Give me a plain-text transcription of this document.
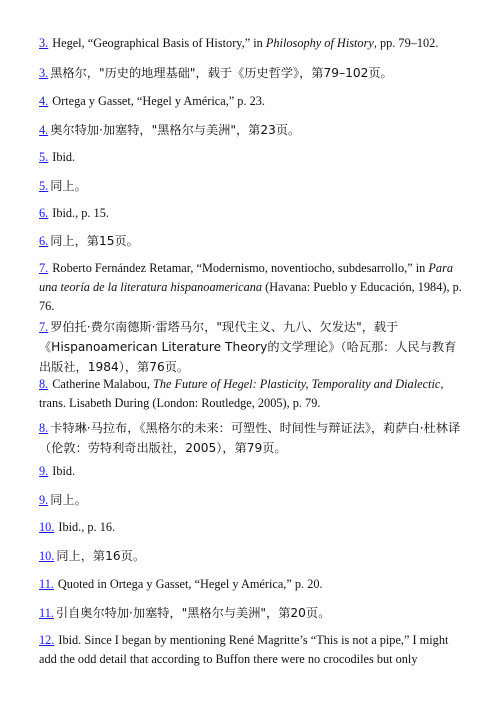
3. Hegel, “Geographical Basis of History,” in Philosophy of History, pp. 79–102.

3. 黑格尔，"历史的地理基础"，载于《历史哲学》，第79–102页。

4. Ortega y Gasset, “Hegel y América,” p. 23.

4. 奥尔特加·加塞特，"黑格尔与美洲"，第23页。

5. Ibid.

5. 同上。

6. Ibid., p. 15.

6. 同上，第15页。

7. Roberto Fernández Retamar, “Modernismo, noventiocho, subdesarrollo,” in Para una teoría de la literatura hispanoamericana (Havana: Pueblo y Educación, 1984), p. 76.

7. 罗伯托·费尔南德斯·雷塔马尔，"现代主义、九八、欠发达"，载于《Hispanoamerican Literature Theory的文学理论》（哈瓦那：人民与教育出版社，1984），第76页。

8. Catherine Malabou, The Future of Hegel: Plasticity, Temporality and Dialectic, trans. Lisabeth During (London: Routledge, 2005), p. 79.

8. 卡特琳·马拉布，《黑格尔的未来：可塑性、时间性与辩证法》，莉萨白·杜林译（伦敦：劳特利奇出版社，2005），第79页。

9. Ibid.

9. 同上。

10. Ibid., p. 16.

10. 同上，第16页。

11. Quoted in Ortega y Gasset, “Hegel y América,” p. 20.

11. 引自奥尔特加·加塞特，"黑格尔与美洲"，第20页。

12. Ibid. Since I began by mentioning René Magritte’s “This is not a pipe,” I might add the odd detail that according to Buffon there were no crocodiles but only
